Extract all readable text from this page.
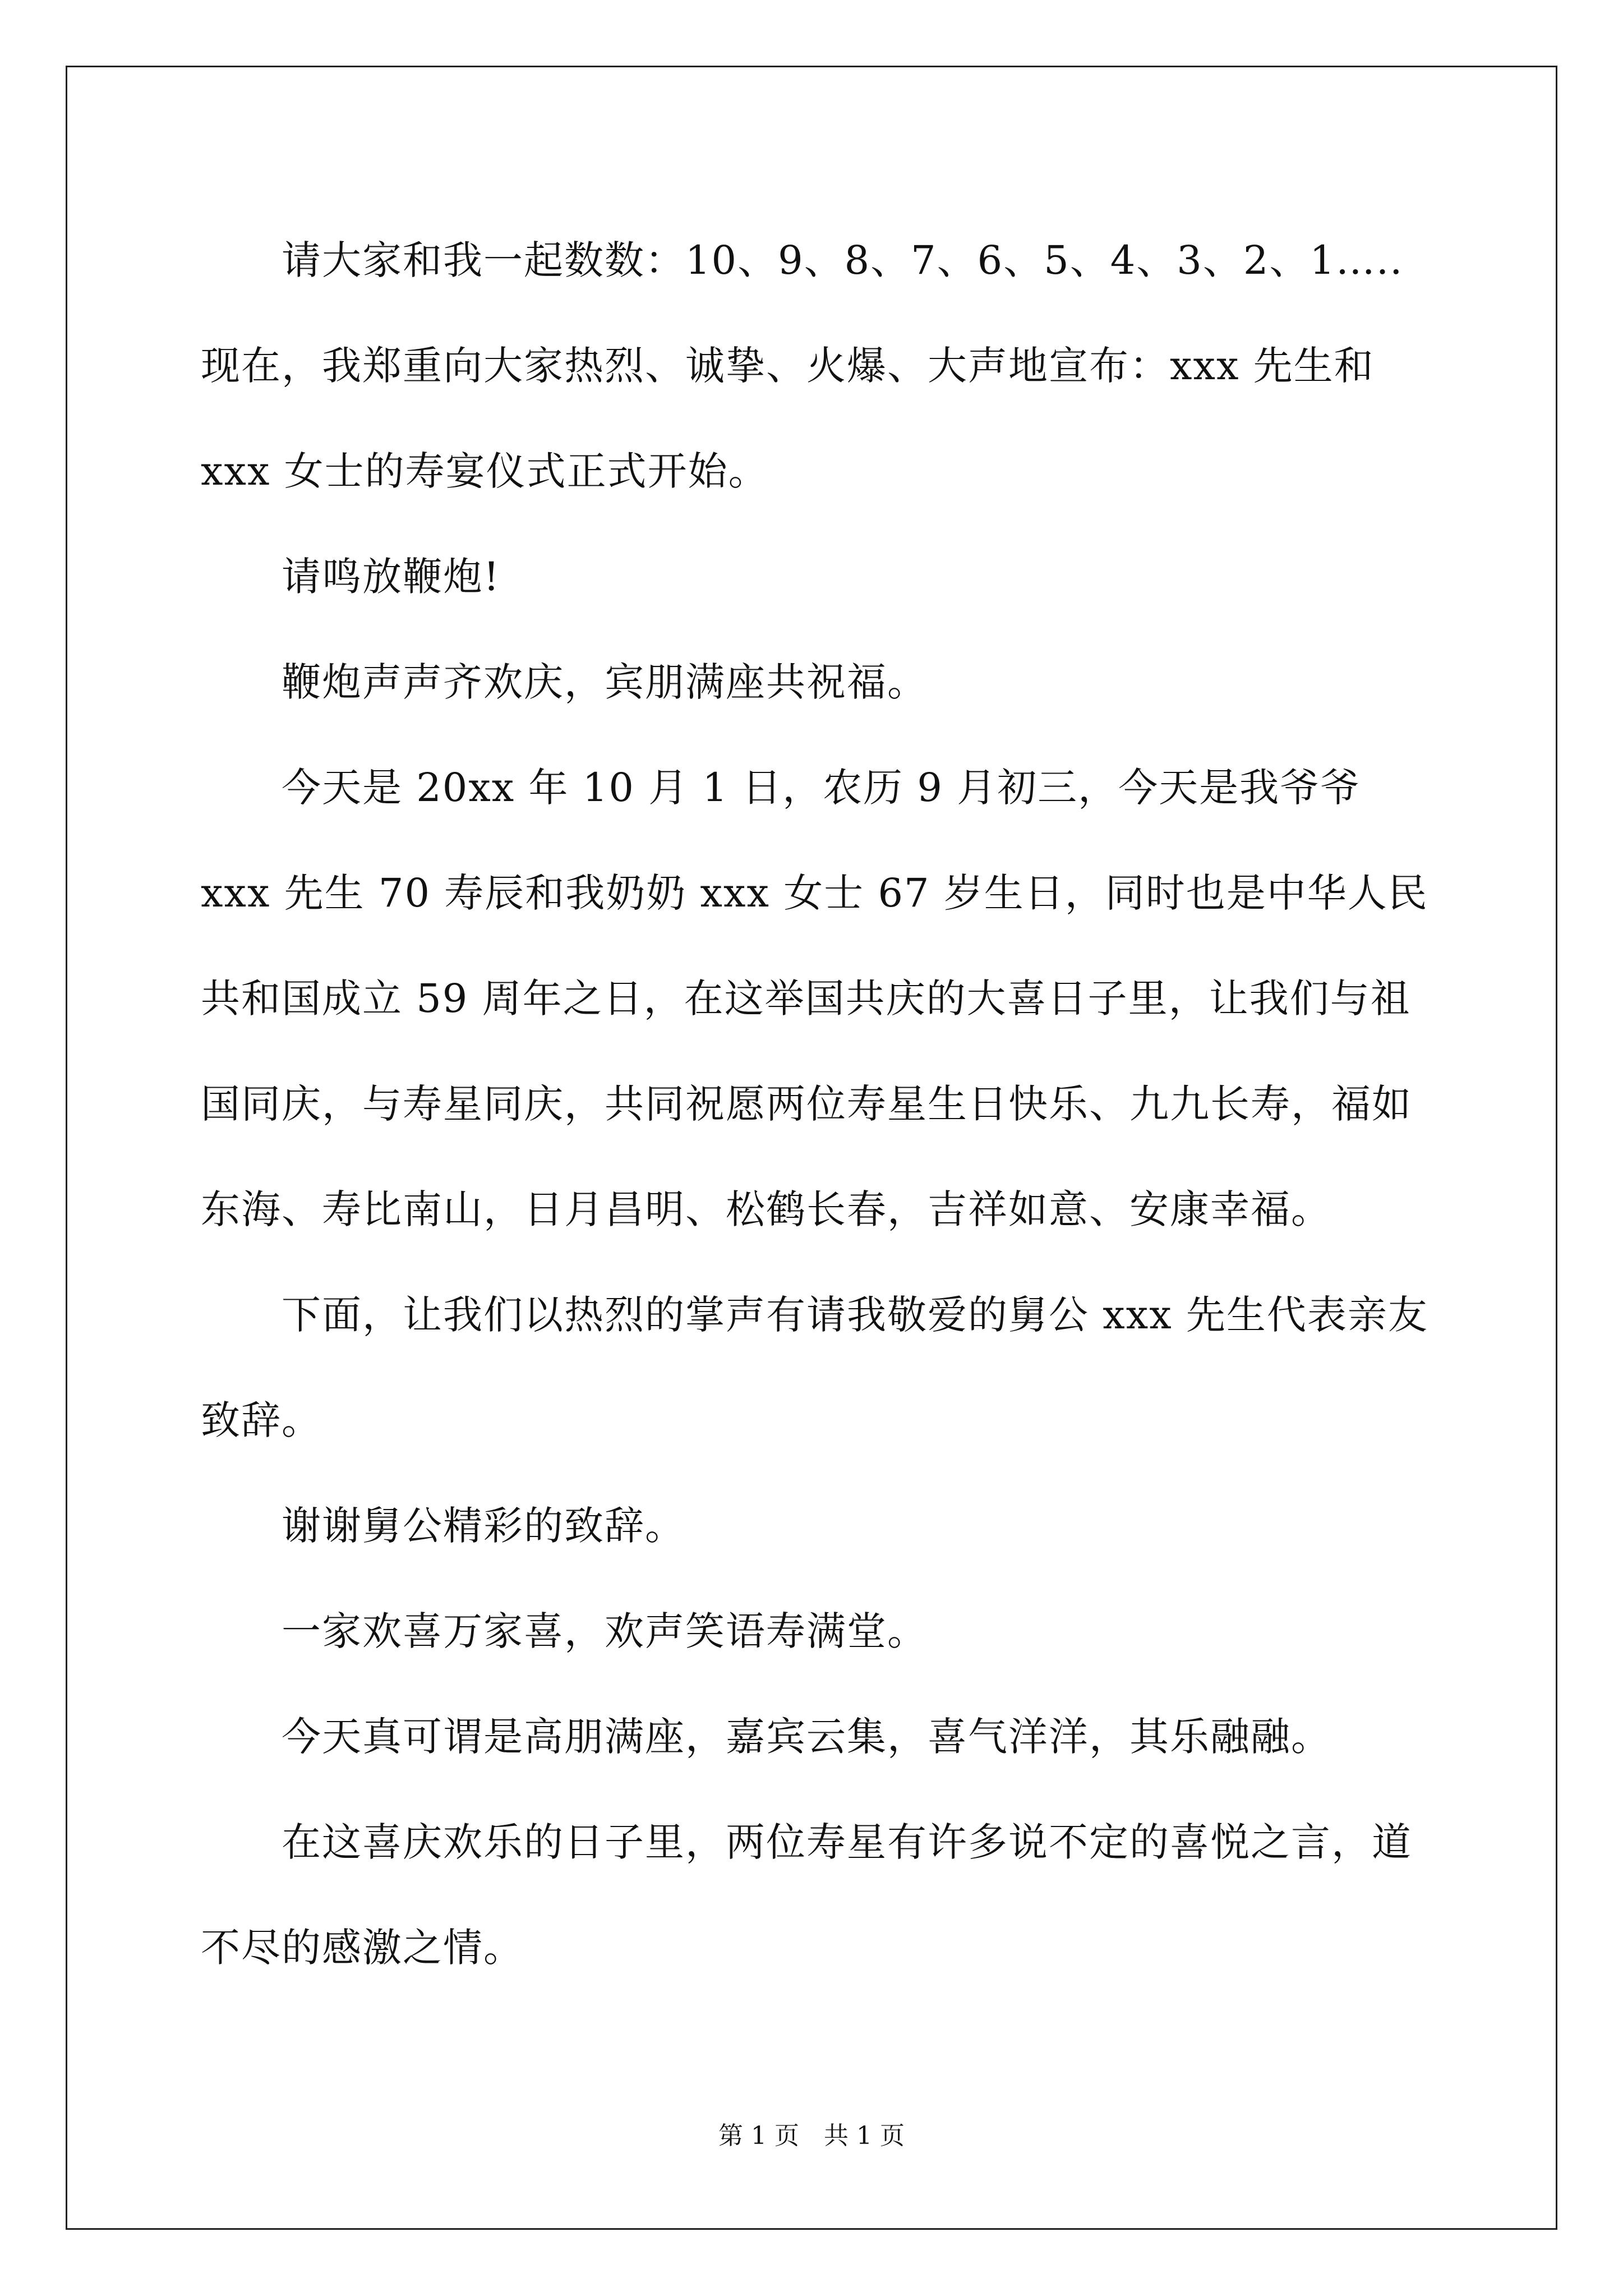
请大家和我一起数数：10、9、8、7、6、5、4、3、2、1…..现在，我郑重向大家热烈、诚挚、火爆、大声地宣布：xxx 先生和 xxx 女士的寿宴仪式正式开始。

请鸣放鞭炮!

鞭炮声声齐欢庆，宾朋满座共祝福。

今天是 20xx 年 10 月 1 日，农历 9 月初三，今天是我爷爷 xxx 先生 70 寿辰和我奶奶 xxx 女士 67 岁生日，同时也是中华人民共和国成立 59 周年之日，在这举国共庆的大喜日子里，让我们与祖国同庆，与寿星同庆，共同祝愿两位寿星生日快乐、九九长寿，福如东海、寿比南山，日月昌明、松鹤长春，吉祥如意、安康幸福。

下面，让我们以热烈的掌声有请我敬爱的舅公 xxx 先生代表亲友致辞。

谢谢舅公精彩的致辞。

一家欢喜万家喜，欢声笑语寿满堂。

今天真可谓是高朋满座，嘉宾云集，喜气洋洋，其乐融融。

在这喜庆欢乐的日子里，两位寿星有许多说不定的喜悦之言，道不尽的感激之情。

第 1 页　共 1 页
